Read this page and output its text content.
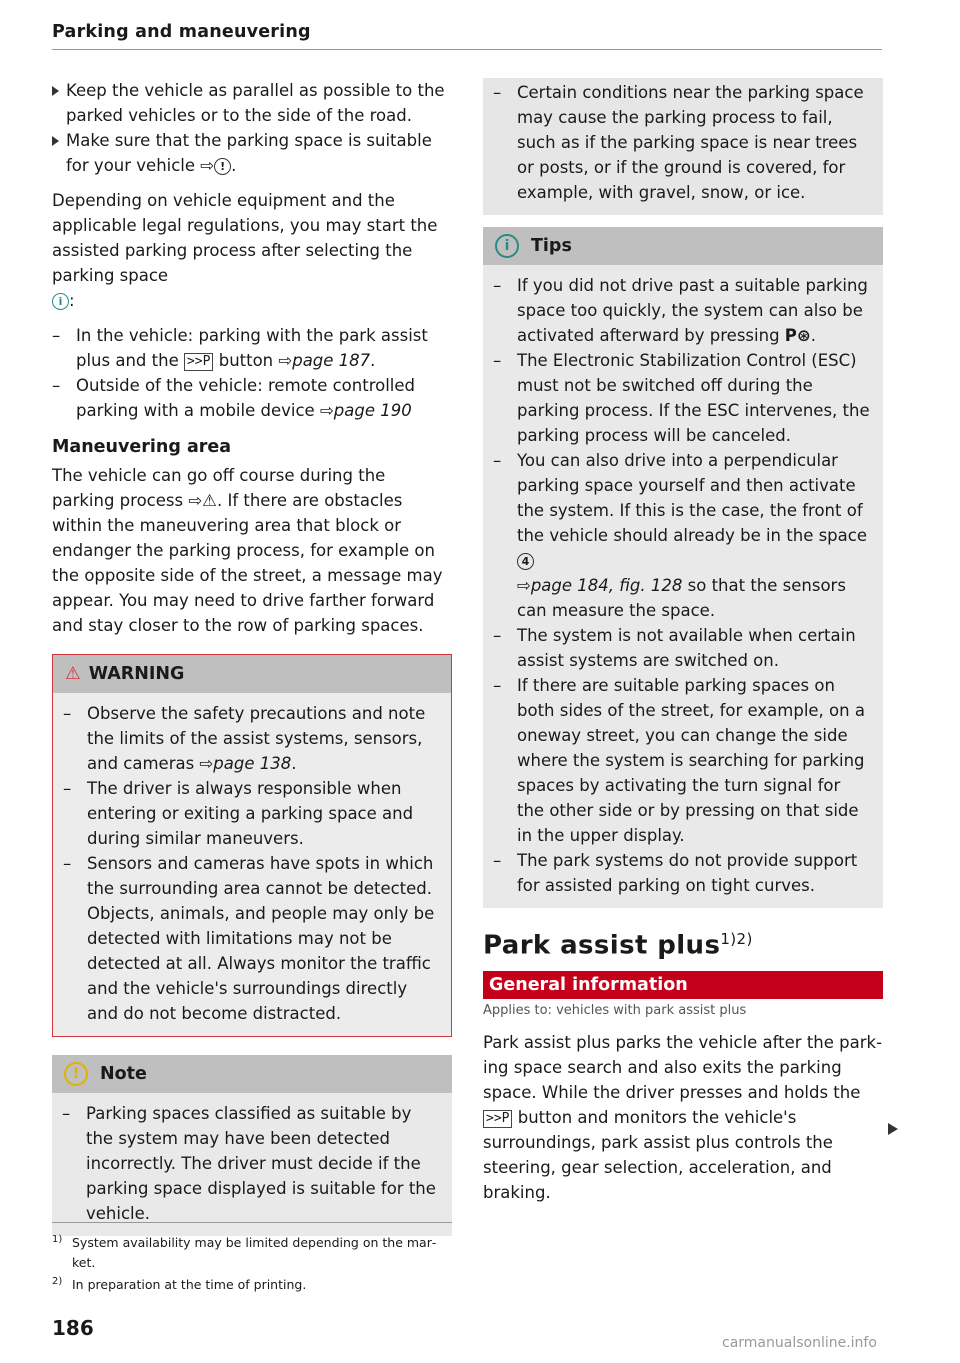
Parking and maneuvering

Keep the vehicle as parallel as possible to the parked vehicles or to the side of the road.

Make sure that the parking space is suitable for your vehicle ⇨ ! .

Depending on vehicle equipment and the applicable legal regulations, you may start the assisted parking process after selecting the parking space
i :

– In the vehicle: parking with the park assist plus and the >>P button ⇨page 187.

– Outside of the vehicle: remote controlled parking with a mobile device ⇨page 190

Maneuvering area

The vehicle can go off course during the parking process ⇨⚠. If there are obstacles within the maneuvering area that block or endanger the parking process, for example on the opposite side of the street, a message may appear. You may need to drive farther forward and stay closer to the row of parking spaces.

⚠ WARNING

– Observe the safety precautions and note the limits of the assist systems, sensors, and cameras ⇨page 138.

– The driver is always responsible when entering or exiting a parking space and during similar maneuvers.

– Sensors and cameras have spots in which the surrounding area cannot be detected. Objects, animals, and people may only be detected with limitations may not be detected at all. Always monitor the traffic and the vehicle's surroundings directly and do not become distracted.

!	Note

– Parking spaces classified as suitable by the system may have been detected incorrectly. The driver must decide if the parking space displayed is suitable for the vehicle.

1) System availability may be limited depending on the market.
2) In preparation at the time of printing.
186

– Certain conditions near the parking space may cause the parking process to fail, such as if the parking space is near trees or posts, or if the ground is covered, for example, with gravel, snow, or ice.

i	Tips

– If you did not drive past a suitable parking space too quickly, the system can also be activated afterward by pressing P⊛.

– The Electronic Stabilization Control (ESC) must not be switched off during the parking process. If the ESC intervenes, the parking process will be canceled.

– You can also drive into a perpendicular parking space yourself and then activate the system. If this is the case, the front of the vehicle should already be in the space 4
⇨page 184, fig. 128 so that the sensors can measure the space.

– The system is not available when certain assist systems are switched on.

– If there are suitable parking spaces on both sides of the street, for example, on a oneway street, you can change the side where the system is searching for parking spaces by activating the turn signal for the other side or by pressing on that side in the upper display.

– The park systems do not provide support for assisted parking on tight curves.

Park assist plus$^{1)2)}$
General information
Applies to: vehicles with park assist plus

Park assist plus parks the vehicle after the parking space search and also exits the parking space. While the driver presses and holds the >>P button and monitors the vehicle's surroundings, park assist plus controls the steering, gear selection, acceleration, and braking.

carmanualsonline.info
